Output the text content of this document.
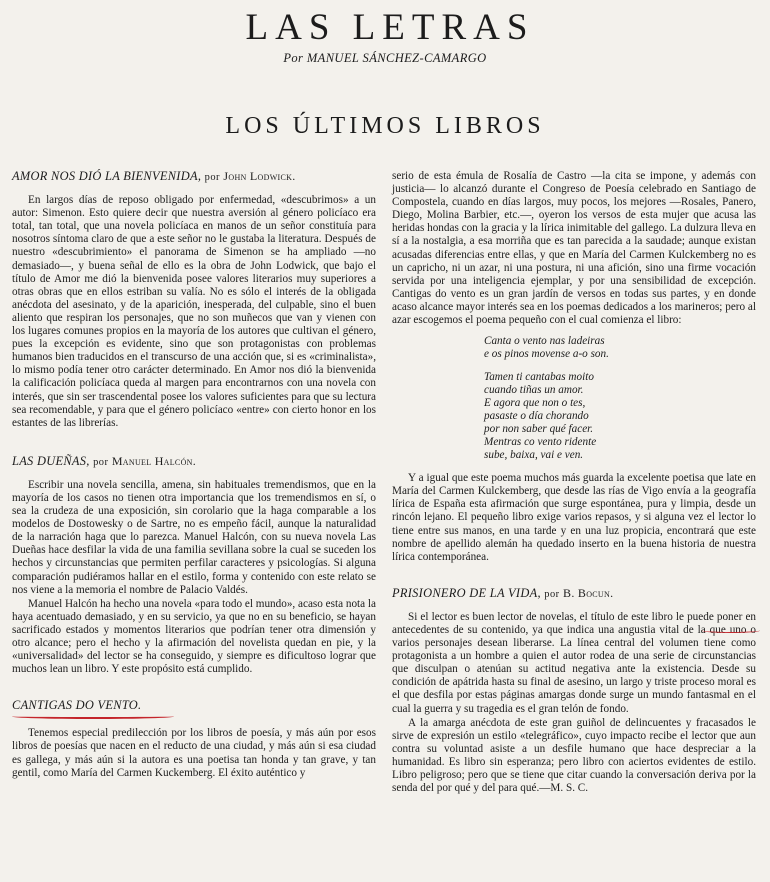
LAS LETRAS
Por MANUEL SÁNCHEZ-CAMARGO
LOS ÚLTIMOS LIBROS
AMOR NOS DIÓ LA BIENVENIDA, por John Lodwick.

En largos días de reposo obligado por enfermedad, «descubrimos» a un autor: Simenon. Esto quiere decir que nuestra aversión al género policíaco era total, tan total, que una novela policíaca en manos de un señor constituía para nosotros síntoma claro de que a este señor no le gustaba la literatura. Después de nuestro «descubrimiento» el panorama de Simenon se ha ampliado —no demasiado—, y buena señal de ello es la obra de John Lodwick, que bajo el título de Amor me dió la bienvenida posee valores literarios muy superiores a otras obras que en ellos estriban su valía. No es sólo el interés de la obligada anécdota del asesinato, y de la aparición, inesperada, del culpable, sino el buen aliento que respiran los personajes, que no son muñecos que van y vienen con los lugares comunes propios en la mayoría de los autores que cultivan el género, pues la excepción es evidente, sino que son protagonistas con problemas humanos bien traducidos en el transcurso de una acción que, si es «criminalista», lo mismo podía tener otro carácter determinado. En Amor nos dió la bienvenida la calificación policíaca queda al margen para encontrarnos con una novela con interés, que sin ser trascendental posee los valores suficientes para que su lectura sea recomendable, y para que el género policíaco «entre» con cierto honor en los estantes de las librerías.

LAS DUEÑAS, por Manuel Halcón.

Escribir una novela sencilla, amena, sin habituales tremendismos, que en la mayoría de los casos no tienen otra importancia que los tremendismos en sí, o sea la crudeza de una exposición, sin corolario que la haga comparable a los modelos de Dostowesky o de Sartre, no es empeño fácil, aunque la naturalidad de la narración haga que lo parezca. Manuel Halcón, con su nueva novela Las Dueñas hace desfilar la vida de una familia sevillana sobre la cual se suceden los hechos y circunstancias que permiten perfilar caracteres y psicologías. Si alguna comparación pudiéramos hallar en el estilo, forma y contenido con este relato se nos viene a la memoria el nombre de Palacio Valdés.

Manuel Halcón ha hecho una novela «para todo el mundo», acaso esta nota la haya acentuado demasiado, y en su servicio, ya que no en su beneficio, se hayan sacrificado estados y momentos literarios que podrían tener otra dimensión y otro alcance; pero el hecho y la afirmación del novelista quedan en pie, y la «universalidad» del lector se ha conseguido, y siempre es dificultoso lograr que muchos lean un libro. Y este propósito está cumplido.

CANTIGAS DO VENTO.

Tenemos especial predilección por los libros de poesía, y más aún por esos libros de poesías que nacen en el reducto de una ciudad, y más aún si esa ciudad es gallega, y más aún si la autora es una poetisa tan honda y tan grave, y tan gentil, como María del Carmen Kuckemberg. El éxito auténtico y

serio de esta émula de Rosalía de Castro —la cita se impone, y además con justicia— lo alcanzó durante el Congreso de Poesía celebrado en Santiago de Compostela, cuando en días largos, muy pocos, los mejores —Rosales, Panero, Diego, Molina Barbier, etc.—, oyeron los versos de esta mujer que acusa las heridas hondas con la gracia y la lírica inimitable del gallego. La dulzura lleva en sí a la nostalgia, a esa morriña que es tan parecida a la saudade; aunque existan acusadas diferencias entre ellas, y que en María del Carmen Kulckemberg no es un capricho, ni un azar, ni una postura, ni una afición, sino una firme vocación servida por una inteligencia ejemplar, y por una sensibilidad de excepción. Cantigas do vento es un gran jardín de versos en todas sus partes, y en donde acaso alcance mayor interés sea en los poemas dedicados a los marineros; pero al azar escogemos el poema pequeño con el cual comienza el libro:

Canta o vento nas ladeiras
e os pinos movense a-o son.
Tamen ti cantabas moito
cuando tiñas un amor.
E agora que non o tes,
pasaste o día chorando
por non saber qué facer.
Mentras co vento ridente
sube, baixa, vai e ven.

Y a igual que este poema muchos más guarda la excelente poetisa que late en María del Carmen Kulckemberg, que desde las rías de Vigo envía a la geografía lírica de España esta afirmación que surge espontánea, pura y limpia, desde un rincón lejano. El pequeño libro exige varios repasos, y si alguna vez el lector lo tiene entre sus manos, en una tarde y en una luz propicia, encontrará que este nombre de apellido alemán ha quedado inserto en la buena historia de nuestra lírica contemporánea.

PRISIONERO DE LA VIDA, por B. Bocun.

Si el lector es buen lector de novelas, el título de este libro le puede poner en antecedentes de su contenido, ya que indica una angustia vital de la que uno o varios personajes desean liberarse. La línea central del volumen tiene como protagonista a un hombre a quien el autor rodea de una serie de circunstancias que disculpan o atenúan su actitud negativa ante la existencia. Desde su condición de apátrida hasta su final de asesino, un largo y triste proceso moral es el que desfila por estas páginas amargas donde surge un mundo fantasmal en el cual la guerra y su tragedia es el gran telón de fondo.

A la amarga anécdota de este gran guiñol de delincuentes y fracasados le sirve de expresión un estilo «telegráfico», cuyo impacto recibe el lector que aun contra su voluntad asiste a un desfile humano que hace despreciar a la humanidad. Es libro sin esperanza; pero libro con aciertos evidentes de estilo. Libro peligroso; pero que se tiene que citar cuando la conversación deriva por la senda del por qué y del para qué.—M. S. C.
